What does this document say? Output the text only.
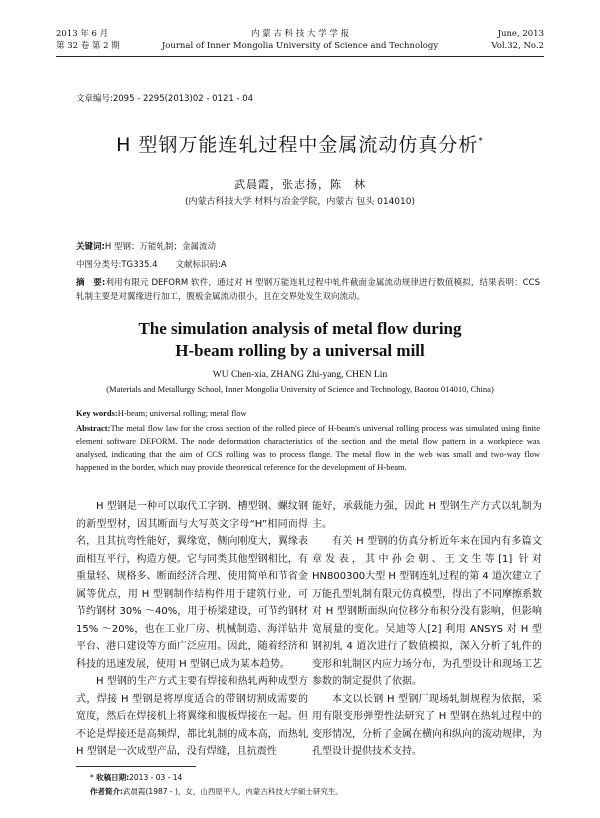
2013 年 6 月
第 32 卷 第 2 期
内 蒙 古 科 技 大 学 学 报
Journal of Inner Mongolia University of Science and Technology
June, 2013
Vol.32, No.2
文章编号:2095 - 2295(2013)02 - 0121 - 04
H 型钢万能连轧过程中金属流动仿真分析*
武晨霞，张志扬，陈　林
(内蒙古科技大学 材料与冶金学院，内蒙古 包头 014010)
关键词:H 型钢；万能轧制；金属流动
中图分类号:TG335.4 文献标识码:A
摘　要:利用有限元 DEFORM 软件，通过对 H 型钢万能连轧过程中轧件截面金属流动规律进行数值模拟，结果表明：CCS 轧制主要是对翼缘进行加工，腹板金属流动很小，且在交界处发生双向流动。
The simulation analysis of metal flow during
H-beam rolling by a universal mill
WU Chen-xia, ZHANG Zhi-yang, CHEN Lin
(Materials and Metallurgy School, Inner Mongolia University of Science and Technology, Baotou 014010, China)
Key words:H-beam; universal rolling; metal flow
Abstract:The metal flow law for the cross section of the rolled piece of H-beam's universal rolling process was simulated using finite element software DEFORM. The node deformation characteristics of the section and the metal flow pattern in a workpiece was analysed, indicating that the aim of CCS rolling was to process flange. The metal flow in the web was small and two-way flow happened in the border, which may provide theoretical reference for the development of H-beam.

H 型钢是一种可以取代工字钢、槽型钢、螺纹钢的新型型材，因其断面与大写英文字母“H”相同而得名，且其抗弯性能好，翼缘宽，侧向刚度大，翼缘表面相互平行，构造方便。它与同类其他型钢相比，有重量轻、规格多、断面经济合理、使用简单和节省金属等优点，用 H 型钢制作结构件用于建筑行业，可节约钢材 30% ～40%，用于桥梁建设，可节约钢材15% ～20%，也在工业厂房、机械制造、海洋钻井平台、港口建设等方面广泛应用。因此，随着经济和科技的迅速发展，使用 H 型钢已成为某本趋势。

H 型钢的生产方式主要有焊接和热轧两种成型方式，焊接 H 型钢是将厚度适合的带钢切割成需要的宽度，然后在焊接机上将翼缘和腹板焊接在一起。但不论是焊接还是高频焊，都比轧制的成本高，而热轧 H 型钢是一次成型产品，没有焊缝，且抗震性

能好，承载能力强，因此 H 型钢生产方式以轧制为主。

有关 H 型钢的仿真分析近年来在国内有多篇文章发表，其中孙会朝、王文生等[1] 针对 HN800300大型 H 型钢连轧过程的第 4 道次建立了万能孔型轧制有限元仿真模型，得出了不同摩擦系数对 H 型钢断面纵向位移分布积分没有影响，但影响宽展量的变化。吴迪等人[2] 利用 ANSYS 对 H 型钢初轧 4 道次进行了数值模拟，深入分析了轧件的变形和轧制区内应力场分布，为孔型设计和现场工艺参数的制定提供了依据。

本文以长钢 H 型钢厂现场轧制规程为依据，采用有限变形弹塑性法研究了 H 型钢在热轧过程中的变形情况，分析了金属在横向和纵向的流动规律，为孔型设计提供技术支持。

* 收稿日期:2013 - 03 - 14
作者简介:武晨霞(1987 - )，女，山西原平人，内蒙古科技大学硕士研究生。
